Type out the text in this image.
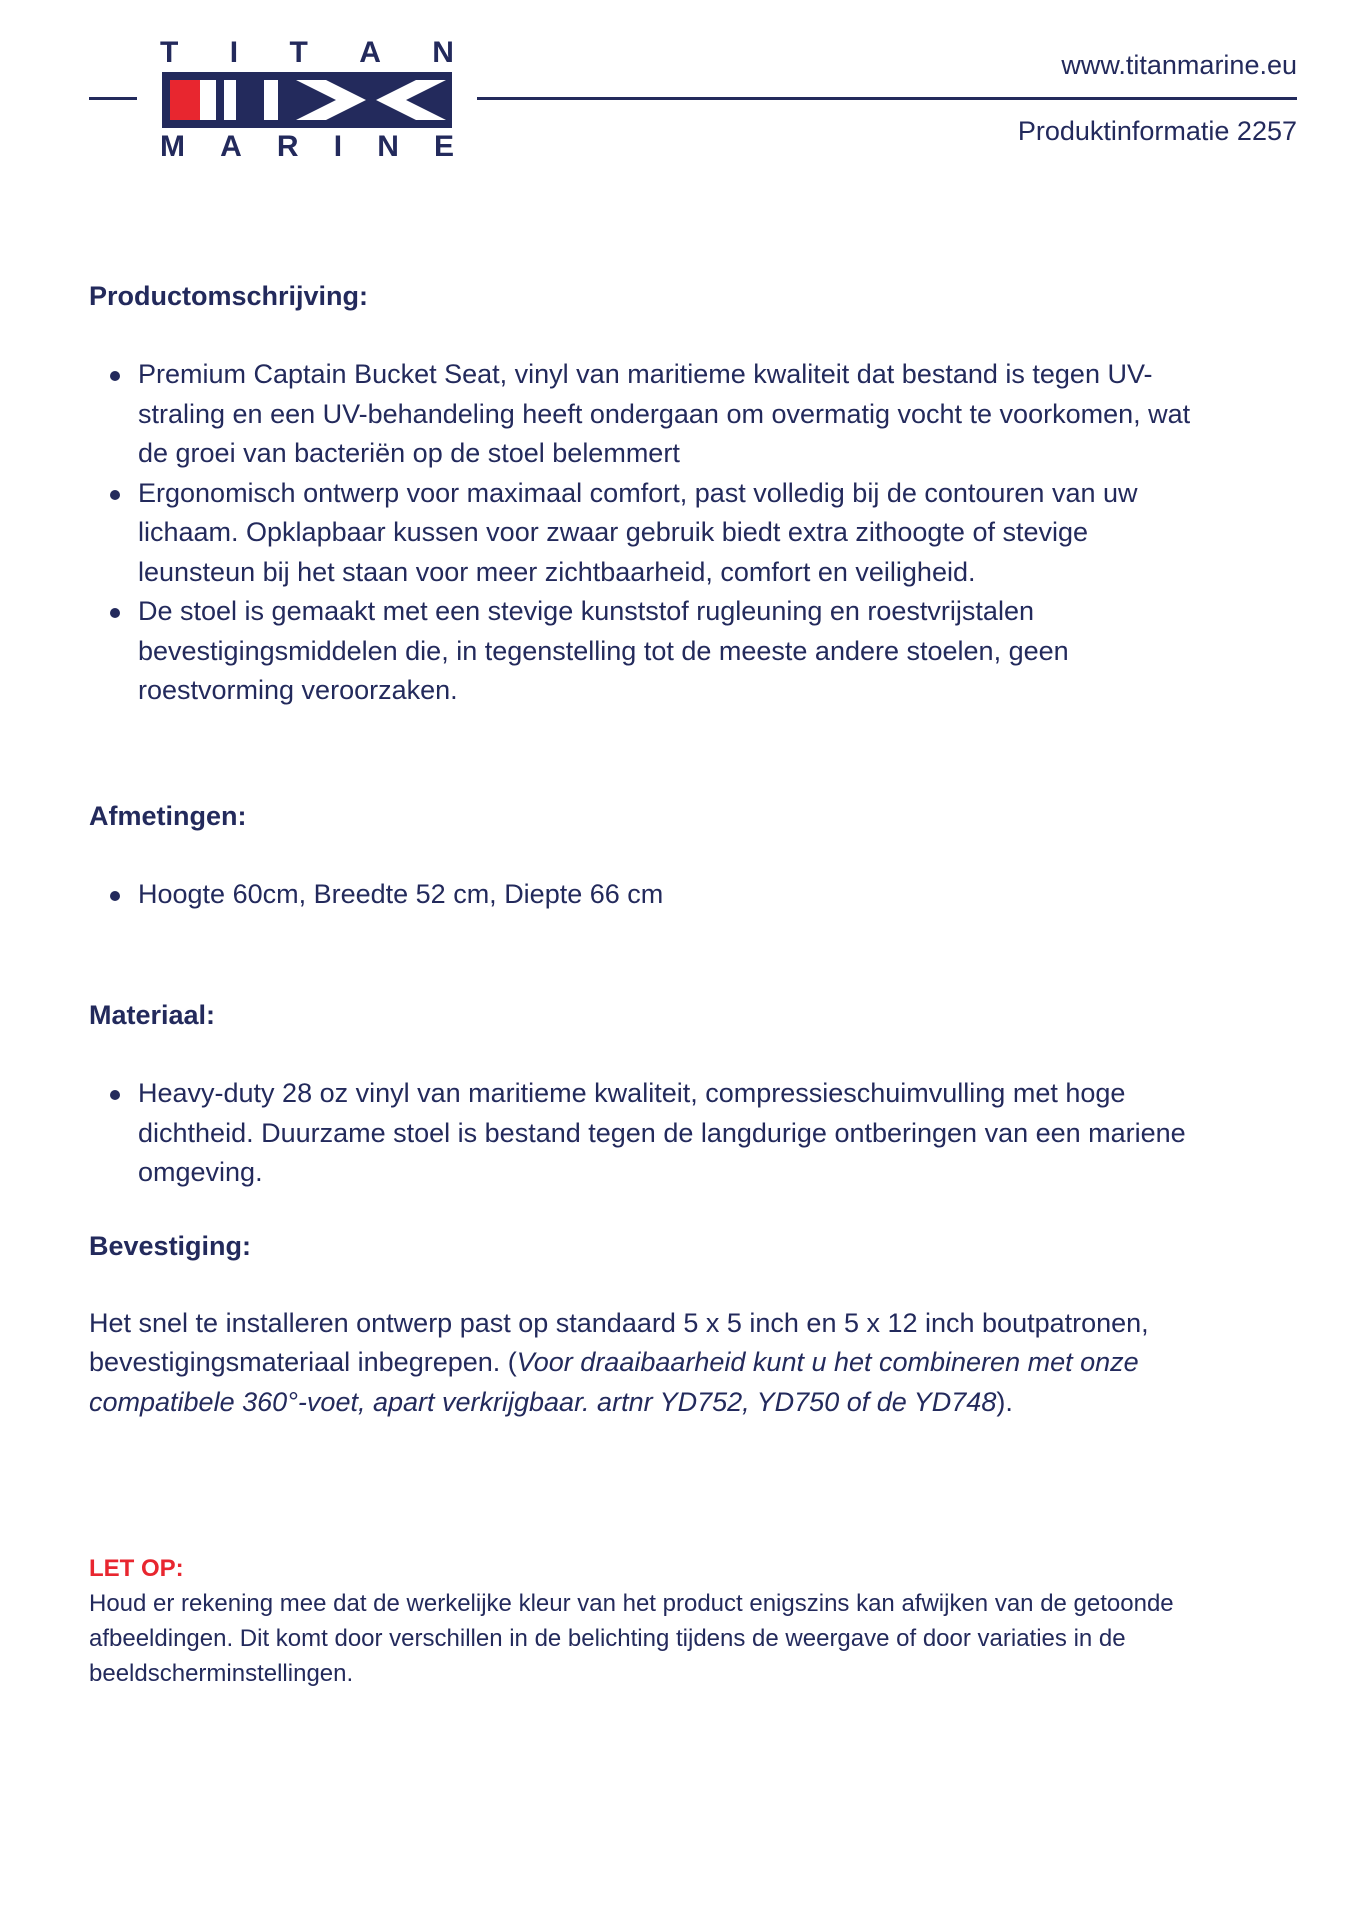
T I T A N
M A R I N E
www.titanmarine.eu
Produktinformatie 2257
Productomschrijving:
Premium Captain Bucket Seat, vinyl van maritieme kwaliteit dat bestand is tegen UV-straling en een UV-behandeling heeft ondergaan om overmatig vocht te voorkomen, wat de groei van bacteriën op de stoel belemmert
Ergonomisch ontwerp voor maximaal comfort, past volledig bij de contouren van uw lichaam. Opklapbaar kussen voor zwaar gebruik biedt extra zithoogte of stevige leunsteun bij het staan voor meer zichtbaarheid, comfort en veiligheid.
De stoel is gemaakt met een stevige kunststof rugleuning en roestvrijstalen bevestigingsmiddelen die, in tegenstelling tot de meeste andere stoelen, geen roestvorming veroorzaken.
Afmetingen:
Hoogte 60cm, Breedte 52 cm, Diepte 66 cm
Materiaal:
Heavy-duty 28 oz vinyl van maritieme kwaliteit, compressieschuimvulling met hoge dichtheid. Duurzame stoel is bestand tegen de langdurige ontberingen van een mariene omgeving.
Bevestiging:

Het snel te installeren ontwerp past op standaard 5 x 5 inch en 5 x 12 inch boutpatronen, bevestigingsmateriaal inbegrepen. (Voor draaibaarheid kunt u het combineren met onze compatibele 360°-voet, apart verkrijgbaar. artnr YD752, YD750 of de YD748).

LET OP:

Houd er rekening mee dat de werkelijke kleur van het product enigszins kan afwijken van de getoonde afbeeldingen. Dit komt door verschillen in de belichting tijdens de weergave of door variaties in de beeldscherminstellingen.
